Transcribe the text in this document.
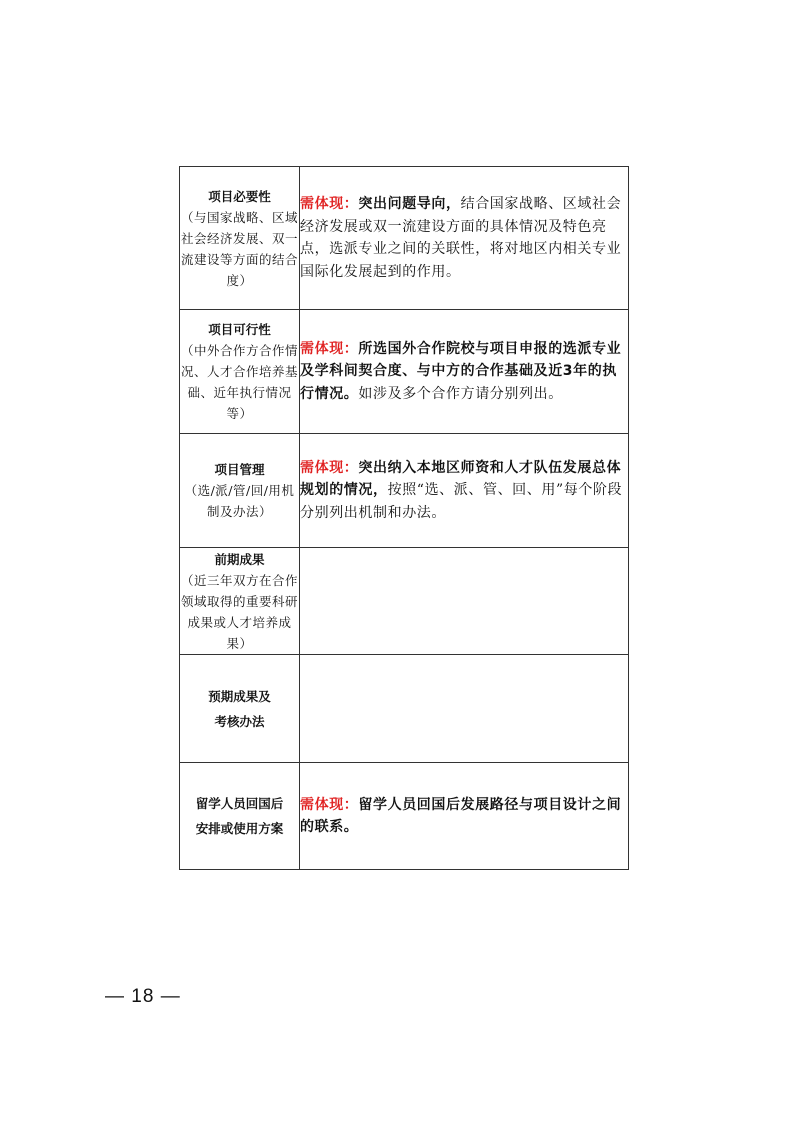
项目必要性
（与国家战略、区域社会经济发展、双一流建设等方面的结合度）	需体现：突出问题导向，结合国家战略、区域社会经济发展或双一流建设方面的具体情况及特色亮点，选派专业之间的关联性，将对地区内相关专业国际化发展起到的作用。

项目可行性
（中外合作方合作情况、人才合作培养基础、近年执行情况等）	需体现：所选国外合作院校与项目申报的选派专业及学科间契合度、与中方的合作基础及近3年的执行情况。如涉及多个合作方请分别列出。

项目管理
（选/派/管/回/用机制及办法）	需体现：突出纳入本地区师资和人才队伍发展总体规划的情况，按照“选、派、管、回、用”每个阶段分别列出机制和办法。

前期成果
（近三年双方在合作领域取得的重要科研成果或人才培养成果）	

预期成果及
考核办法	

留学人员回国后
安排或使用方案	需体现：留学人员回国后发展路径与项目设计之间的联系。
— 18 —
